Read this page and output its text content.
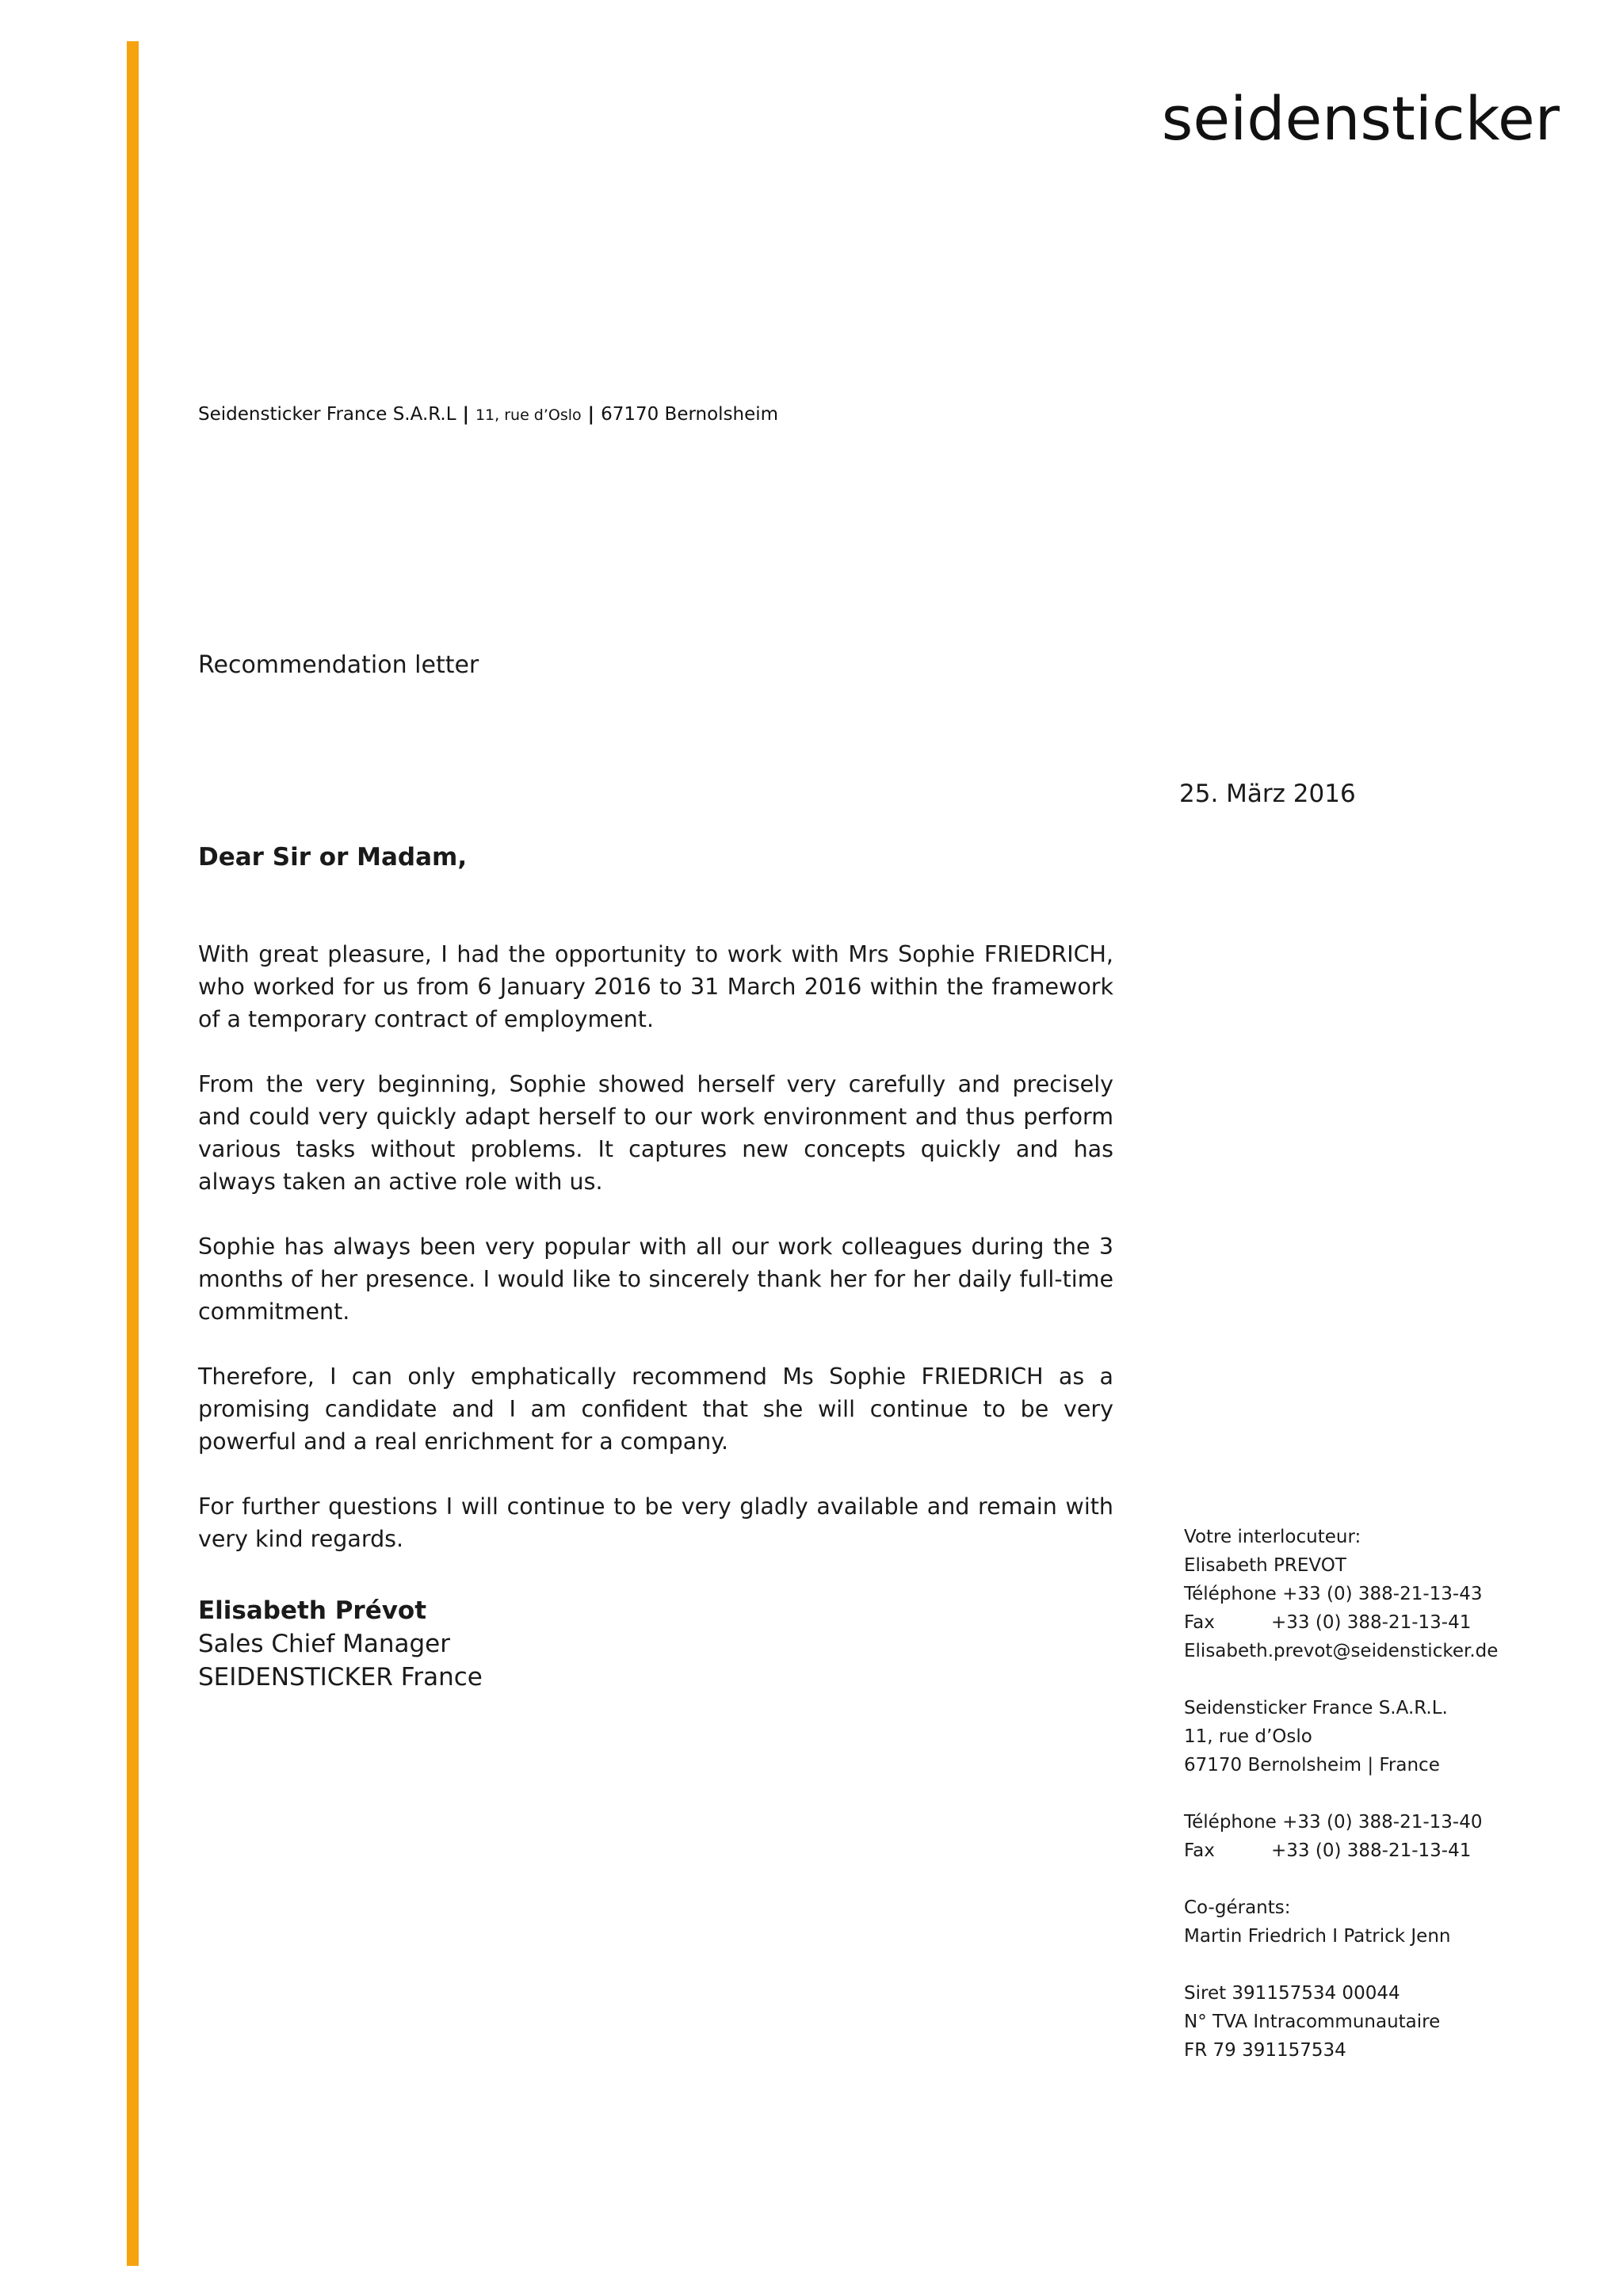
seidensticker
Seidensticker France S.A.R.L | 11, rue d’Oslo | 67170 Bernolsheim
Recommendation letter
25. März 2016
Dear Sir or Madam,

With great pleasure, I had the opportunity to work with Mrs Sophie FRIEDRICH, who worked for us from 6 January 2016 to 31 March 2016 within the framework of a temporary contract of employment.

From the very beginning, Sophie showed herself very carefully and precisely and could very quickly adapt herself to our work environment and thus perform various tasks without problems. It captures new concepts quickly and has always taken an active role with us.

Sophie has always been very popular with all our work colleagues during the 3 months of her presence. I would like to sincerely thank her for her daily full-time commitment.

Therefore, I can only emphatically recommend Ms Sophie FRIEDRICH as a promising candidate and I am confident that she will continue to be very powerful and a real enrichment for a company.

For further questions I will continue to be very gladly available and remain with very kind regards.

Elisabeth Prévot
Sales Chief Manager
SEIDENSTICKER France
Votre interlocuteur:
Elisabeth PREVOT
Téléphone +33 (0) 388-21-13-43
Fax	+33 (0) 388-21-13-41
Elisabeth.prevot@seidensticker.de
Seidensticker France S.A.R.L.
11, rue d’Oslo
67170 Bernolsheim | France
Téléphone +33 (0) 388-21-13-40
Fax	+33 (0) 388-21-13-41
Co-gérants:
Martin Friedrich I Patrick Jenn
Siret 391157534 00044
N° TVA Intracommunautaire
FR 79 391157534
